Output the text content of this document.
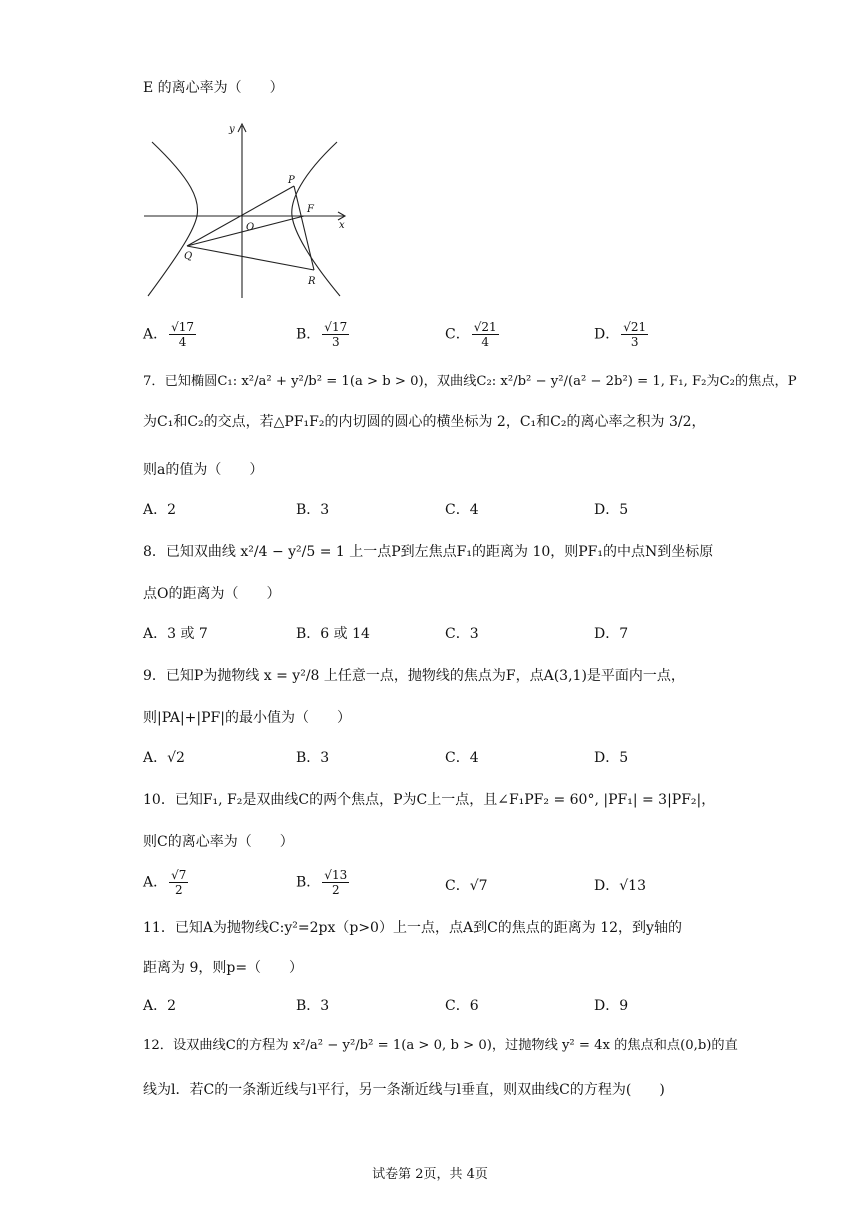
E 的离心率为（　　）
y
x
O
P
F
Q
R
A． $\frac{√17}{4}$	B． $\frac{√17}{3}$	C． $\frac{√21}{4}$	D． $\frac{√21}{3}$
7．已知椭圆C₁: x²/a² + y²/b² = 1(a > b > 0)，双曲线C₂: x²/b² − y²/(a² − 2b²) = 1, F₁, F₂为C₂的焦点，P
为C₁和C₂的交点，若△PF₁F₂的内切圆的圆心的横坐标为 2，C₁和C₂的离心率之积为 3/2，
则a的值为（　　）
A．2	B．3	C．4	D．5
8．已知双曲线 x²/4 − y²/5 = 1 上一点P到左焦点F₁的距离为 10，则PF₁的中点N到坐标原
点O的距离为（　　）
A．3 或 7	B．6 或 14	C．3	D．7
9．已知P为抛物线 x = y²/8 上任意一点，抛物线的焦点为F，点A(3,1)是平面内一点，
则|PA|+|PF|的最小值为（　　）
A．√2	B．3	C．4	D．5
10．已知F₁, F₂是双曲线C的两个焦点，P为C上一点，且∠F₁PF₂ = 60°, |PF₁| = 3|PF₂|，
则C的离心率为（　　）
A． $\frac{√7}{2}$	B． $\frac{√13}{2}$	C．√7	D．√13
11．已知A为抛物线C:y²=2px（p>0）上一点，点A到C的焦点的距离为 12，到y轴的
距离为 9，则p=（　　）
A．2	B．3	C．6	D．9
12．设双曲线C的方程为 x²/a² − y²/b² = 1(a > 0, b > 0)，过抛物线 y² = 4x 的焦点和点(0,b)的直
线为l．若C的一条渐近线与l平行，另一条渐近线与l垂直，则双曲线C的方程为(　　)
试卷第 2页，共 4页
